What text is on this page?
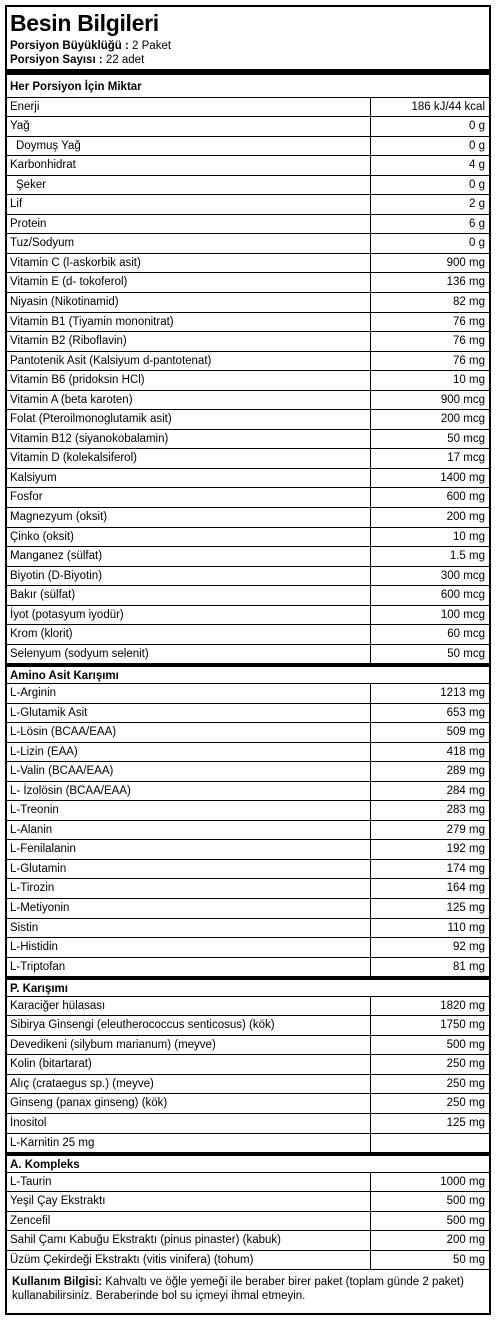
Besin Bilgileri
Porsiyon Büyüklüğü : 2 Paket
Porsiyon Sayısı : 22 adet
Her Porsiyon İçin Miktar
Enerji	186 kJ/44 kcal
Yağ	0 g
Doymuş Yağ	0 g
Karbonhidrat	4 g
Şeker	0 g
Lif	2 g
Protein	6 g
Tuz/Sodyum	0 g
Vitamin C (l-askorbik asit)	900 mg
Vitamin E (d- tokoferol)	136 mg
Niyasin (Nikotinamid)	82 mg
Vitamin B1 (Tiyamin mononitrat)	76 mg
Vitamin B2 (Riboflavin)	76 mg
Pantotenik Asit (Kalsiyum d-pantotenat)	76 mg
Vitamin B6 (pridoksin HCl)	10 mg
Vitamin A (beta karoten)	900 mcg
Folat (Pteroilmonoglutamik asit)	200 mcg
Vitamin B12 (siyanokobalamin)	50 mcg
Vitamin D (kolekalsiferol)	17 mcg
Kalsiyum	1400 mg
Fosfor	600 mg
Magnezyum (oksit)	200 mg
Çinko (oksit)	10 mg
Manganez (sülfat)	1.5 mg
Biyotin (D-Biyotin)	300 mcg
Bakır (sülfat)	600 mcg
İyot (potasyum iyodür)	100 mcg
Krom (klorit)	60 mcg
Selenyum (sodyum selenit)	50 mcg
Amino Asit Karışımı
L-Arginin	1213 mg
L-Glutamik Asit	653 mg
L-Lösin (BCAA/EAA)	509 mg
L-Lizin (EAA)	418 mg
L-Valin (BCAA/EAA)	289 mg
L- İzolösin (BCAA/EAA)	284 mg
L-Treonin	283 mg
L-Alanin	279 mg
L-Fenilalanin	192 mg
L-Glutamin	174 mg
L-Tirozin	164 mg
L-Metiyonin	125 mg
Sistin	110 mg
L-Histidin	92 mg
L-Triptofan	81 mg
P. Karışımı
Karaciğer hülasası	1820 mg
Sibirya Ginsengi (eleutherococcus senticosus) (kök)	1750 mg
Devedikeni (silybum marianum) (meyve)	500 mg
Kolin (bitartarat)	250 mg
Alıç (crataegus sp.) (meyve)	250 mg
Ginseng (panax ginseng) (kök)	250 mg
İnositol	125 mg
L-Karnitin 25 mg
A. Kompleks
L-Taurin	1000 mg
Yeşil Çay Ekstraktı	500 mg
Zencefil	500 mg
Sahil Çamı Kabuğu Ekstraktı (pinus pinaster) (kabuk)	200 mg
Üzüm Çekirdeği Ekstraktı (vitis vinifera) (tohum)	50 mg
Kullanım Bilgisi: Kahvaltı ve öğle yemeği ile beraber birer paket (toplam günde 2 paket) kullanabilirsiniz. Beraberinde bol su içmeyi ihmal etmeyin.
